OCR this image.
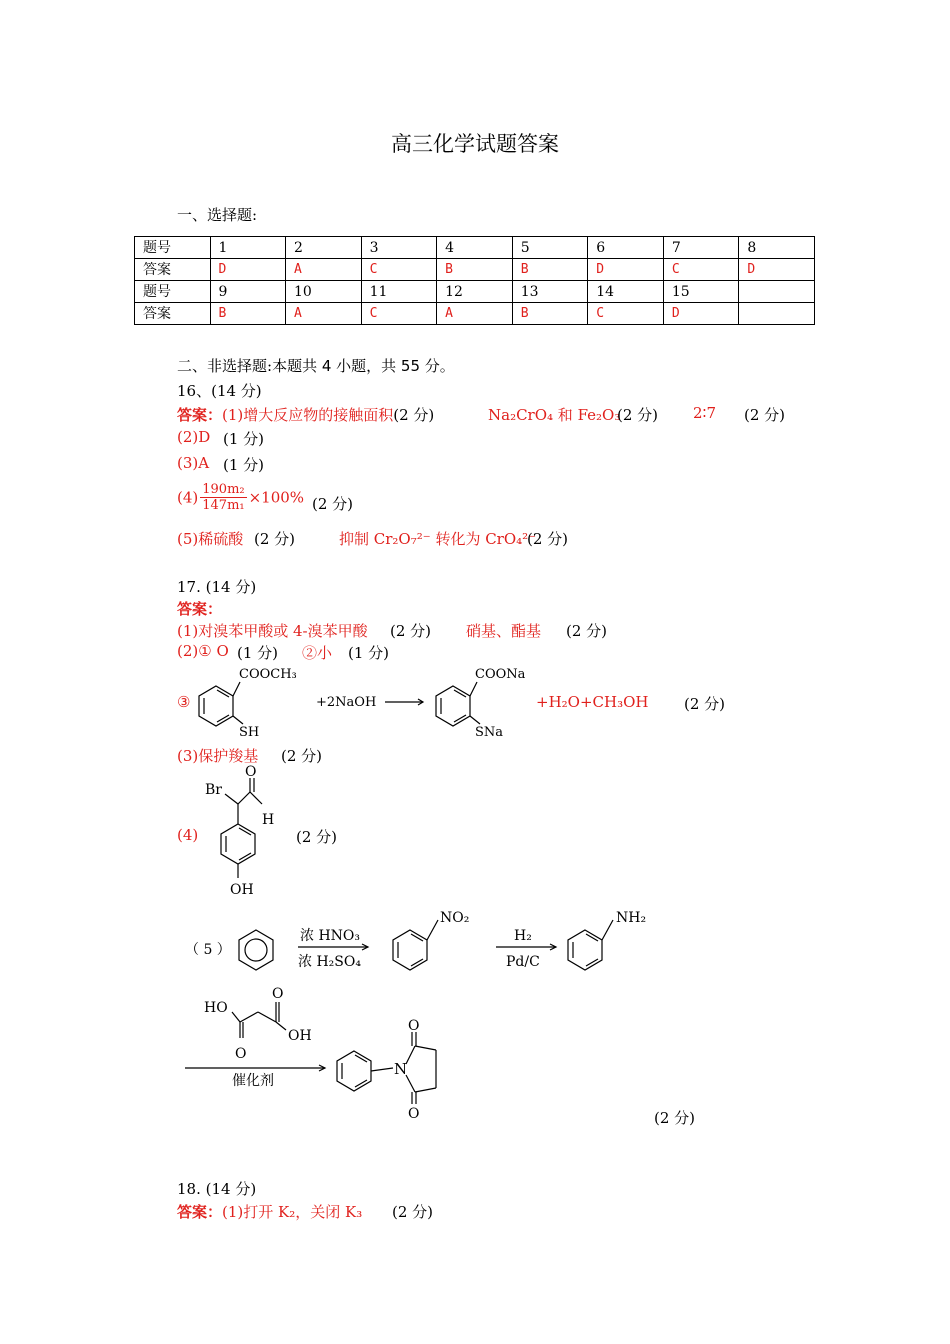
高三化学试题答案
一、选择题:
题号	1	2	3	4	5	6	7	8
答案	D	A	C	B	B	D	C	D
题号	9	10	11	12	13	14	15	
答案	B	A	C	A	B	C	D	
二、非选择题:本题共 4 小题，共 55 分。
16、(14 分)
答案：(1)增大反应物的接触面积(2 分)	Na₂CrO₄ 和 Fe₂O₃
(2 分) 2∶7 (2 分)
(2)D (1 分)
(3)A (1 分)
$(4) \frac{\text{190m₂}}{\text{147m₁}} \times 100\%$ (2 分)
(5)稀硫酸 (2 分)	抑制 Cr₂O₇²⁻ 转化为 CrO₄²⁻
(2 分)
17. (14 分)
答案：
(1)对溴苯甲酸或 4-溴苯甲酸 (2 分) 硝基、酯基 (2 分)
(2)① O (1 分) ②小 (1 分)
③
COOCH₃
SH
+2NaOH
COONa
SNa
+H₂O+CH₃OH (2 分)
(3)保护羧基 (2 分)
Br
O
H
OH
(4)	(2 分)
（ 5 ）
浓 HNO₃
浓 H₂SO₄
NO₂
H₂
Pd/C
NH₂
HO
O
O
OH
催化剂
N
O
O	(2 分)
18. (14 分)
答案：(1)打开 K₂，关闭 K₃ (2 分)
